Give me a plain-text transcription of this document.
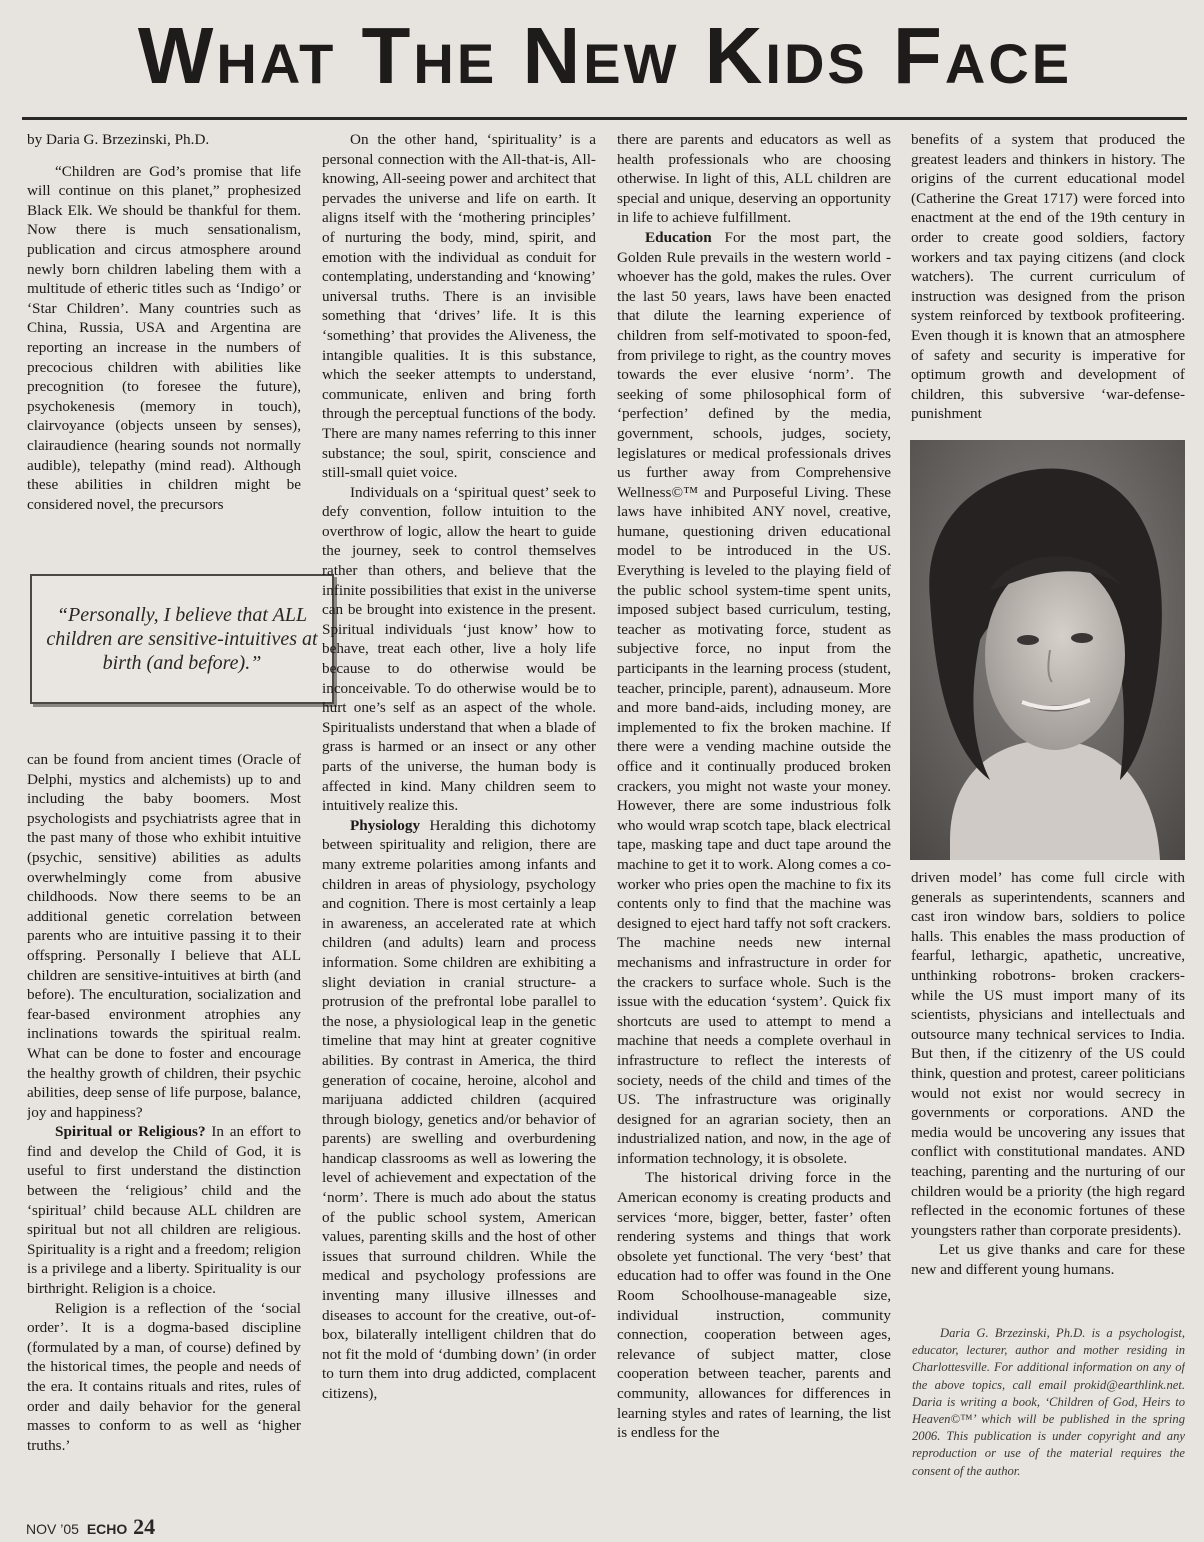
What The New Kids Face

by Daria G. Brzezinski, Ph.D.

“Children are God’s promise that life will continue on this planet,” prophesized Black Elk. We should be thankful for them. Now there is much sensationalism, publication and circus atmosphere around newly born children labeling them with a multitude of etheric titles such as ‘Indigo’ or ‘Star Children’. Many countries such as China, Russia, USA and Argentina are reporting an increase in the numbers of precocious children with abilities like precognition (to foresee the future), psychokenesis (memory in touch), clairvoyance (objects unseen by senses), clairaudience (hearing sounds not normally audible), telepathy (mind read). Although these abilities in children might be considered novel, the precursors

“Personally, I believe that ALL children are sensitive-intuitives at birth (and before).”

can be found from ancient times (Oracle of Delphi, mystics and alchemists) up to and including the baby boomers. Most psychologists and psychiatrists agree that in the past many of those who exhibit intuitive (psychic, sensitive) abilities as adults overwhelmingly come from abusive childhoods. Now there seems to be an additional genetic correlation between parents who are intuitive passing it to their offspring. Personally I believe that ALL children are sensitive-intuitives at birth (and before). The enculturation, socialization and fear-based environment atrophies any inclinations towards the spiritual realm. What can be done to foster and encourage the healthy growth of children, their psychic abilities, deep sense of life purpose, balance, joy and happiness?

Spiritual or Religious? In an effort to find and develop the Child of God, it is useful to first understand the distinction between the ‘religious’ child and the ‘spiritual’ child because ALL children are spiritual but not all children are religious. Spirituality is a right and a freedom; religion is a privilege and a liberty. Spirituality is our birthright. Religion is a choice.

Religion is a reflection of the ‘social order’. It is a dogma-based discipline (formulated by a man, of course) defined by the historical times, the people and needs of the era. It contains rituals and rites, rules of order and daily behavior for the general masses to conform to as well as ‘higher truths.’

On the other hand, ‘spirituality’ is a personal connection with the All-that-is, All-knowing, All-seeing power and architect that pervades the universe and life on earth. It aligns itself with the ‘mothering principles’ of nurturing the body, mind, spirit, and emotion with the individual as conduit for contemplating, understanding and ‘knowing’ universal truths. There is an invisible something that ‘drives’ life. It is this ‘something’ that provides the Aliveness, the intangible qualities. It is this substance, which the seeker attempts to understand, communicate, enliven and bring forth through the perceptual functions of the body. There are many names referring to this inner substance; the soul, spirit, conscience and still-small quiet voice.

Individuals on a ‘spiritual quest’ seek to defy convention, follow intuition to the overthrow of logic, allow the heart to guide the journey, seek to control themselves rather than others, and believe that the infinite possibilities that exist in the universe can be brought into existence in the present. Spiritual individuals ‘just know’ how to behave, treat each other, live a holy life because to do otherwise would be inconceivable. To do otherwise would be to hurt one’s self as an aspect of the whole. Spiritualists understand that when a blade of grass is harmed or an insect or any other parts of the universe, the human body is affected in kind. Many children seem to intuitively realize this.

Physiology Heralding this dichotomy between spirituality and religion, there are many extreme polarities among infants and children in areas of physiology, psychology and cognition. There is most certainly a leap in awareness, an accelerated rate at which children (and adults) learn and process information. Some children are exhibiting a slight deviation in cranial structure- a protrusion of the prefrontal lobe parallel to the nose, a physiological leap in the genetic timeline that may hint at greater cognitive abilities. By contrast in America, the third generation of cocaine, heroine, alcohol and marijuana addicted children (acquired through biology, genetics and/or behavior of parents) are swelling and overburdening handicap classrooms as well as lowering the level of achievement and expectation of the ‘norm’. There is much ado about the status of the public school system, American values, parenting skills and the host of other issues that surround children. While the medical and psychology professions are inventing many illusive illnesses and diseases to account for the creative, out-of-box, bilaterally intelligent children that do not fit the mold of ‘dumbing down’ (in order to turn them into drug addicted, complacent citizens),

there are parents and educators as well as health professionals who are choosing otherwise. In light of this, ALL children are special and unique, deserving an opportunity in life to achieve fulfillment.

Education For the most part, the Golden Rule prevails in the western world - whoever has the gold, makes the rules. Over the last 50 years, laws have been enacted that dilute the learning experience of children from self-motivated to spoon-fed, from privilege to right, as the country moves towards the ever elusive ‘norm’. The seeking of some philosophical form of ‘perfection’ defined by the media, government, schools, judges, society, legislatures or medical professionals drives us further away from Comprehensive Wellness©™ and Purposeful Living. These laws have inhibited ANY novel, creative, humane, questioning driven educational model to be introduced in the US. Everything is leveled to the playing field of the public school system-time spent units, imposed subject based curriculum, testing, teacher as motivating force, student as subjective force, no input from the participants in the learning process (student, teacher, principle, parent), adnauseum. More and more band-aids, including money, are implemented to fix the broken machine. If there were a vending machine outside the office and it continually produced broken crackers, you might not waste your money. However, there are some industrious folk who would wrap scotch tape, black electrical tape, masking tape and duct tape around the machine to get it to work. Along comes a co-worker who pries open the machine to fix its contents only to find that the machine was designed to eject hard taffy not soft crackers. The machine needs new internal mechanisms and infrastructure in order for the crackers to surface whole. Such is the issue with the education ‘system’. Quick fix shortcuts are used to attempt to mend a machine that needs a complete overhaul in infrastructure to reflect the interests of society, needs of the child and times of the US. The infrastructure was originally designed for an agrarian society, then an industrialized nation, and now, in the age of information technology, it is obsolete.

The historical driving force in the American economy is creating products and services ‘more, bigger, better, faster’ often rendering systems and things that work obsolete yet functional. The very ‘best’ that education had to offer was found in the One Room Schoolhouse-manageable size, individual instruction, community connection, cooperation between ages, relevance of subject matter, close cooperation between teacher, parents and community, allowances for differences in learning styles and rates of learning, the list is endless for the

benefits of a system that produced the greatest leaders and thinkers in history. The origins of the current educational model (Catherine the Great 1717) were forced into enactment at the end of the 19th century in order to create good soldiers, factory workers and tax paying citizens (and clock watchers). The current curriculum of instruction was designed from the prison system reinforced by textbook profiteering. Even though it is known that an atmosphere of safety and security is imperative for optimum growth and development of children, this subversive ‘war-defense-punishment

driven model’ has come full circle with generals as superintendents, scanners and cast iron window bars, soldiers to police halls. This enables the mass production of fearful, lethargic, apathetic, uncreative, unthinking robotrons- broken crackers- while the US must import many of its scientists, physicians and intellectuals and outsource many technical services to India. But then, if the citizenry of the US could think, question and protest, career politicians would not exist nor would secrecy in governments or corporations. AND the media would be uncovering any issues that conflict with constitutional mandates. AND teaching, parenting and the nurturing of our children would be a priority (the high regard reflected in the economic fortunes of these youngsters rather than corporate presidents).

Let us give thanks and care for these new and different young humans.

Daria G. Brzezinski, Ph.D. is a psychologist, educator, lecturer, author and mother residing in Charlottesville. For additional information on any of the above topics, call email prokid@earthlink.net. Daria is writing a book, ‘Children of God, Heirs to Heaven©™’ which will be published in the spring 2006. This publication is under copyright and any reproduction or use of the material requires the consent of the author.

NOV ’05 ECHO 24
